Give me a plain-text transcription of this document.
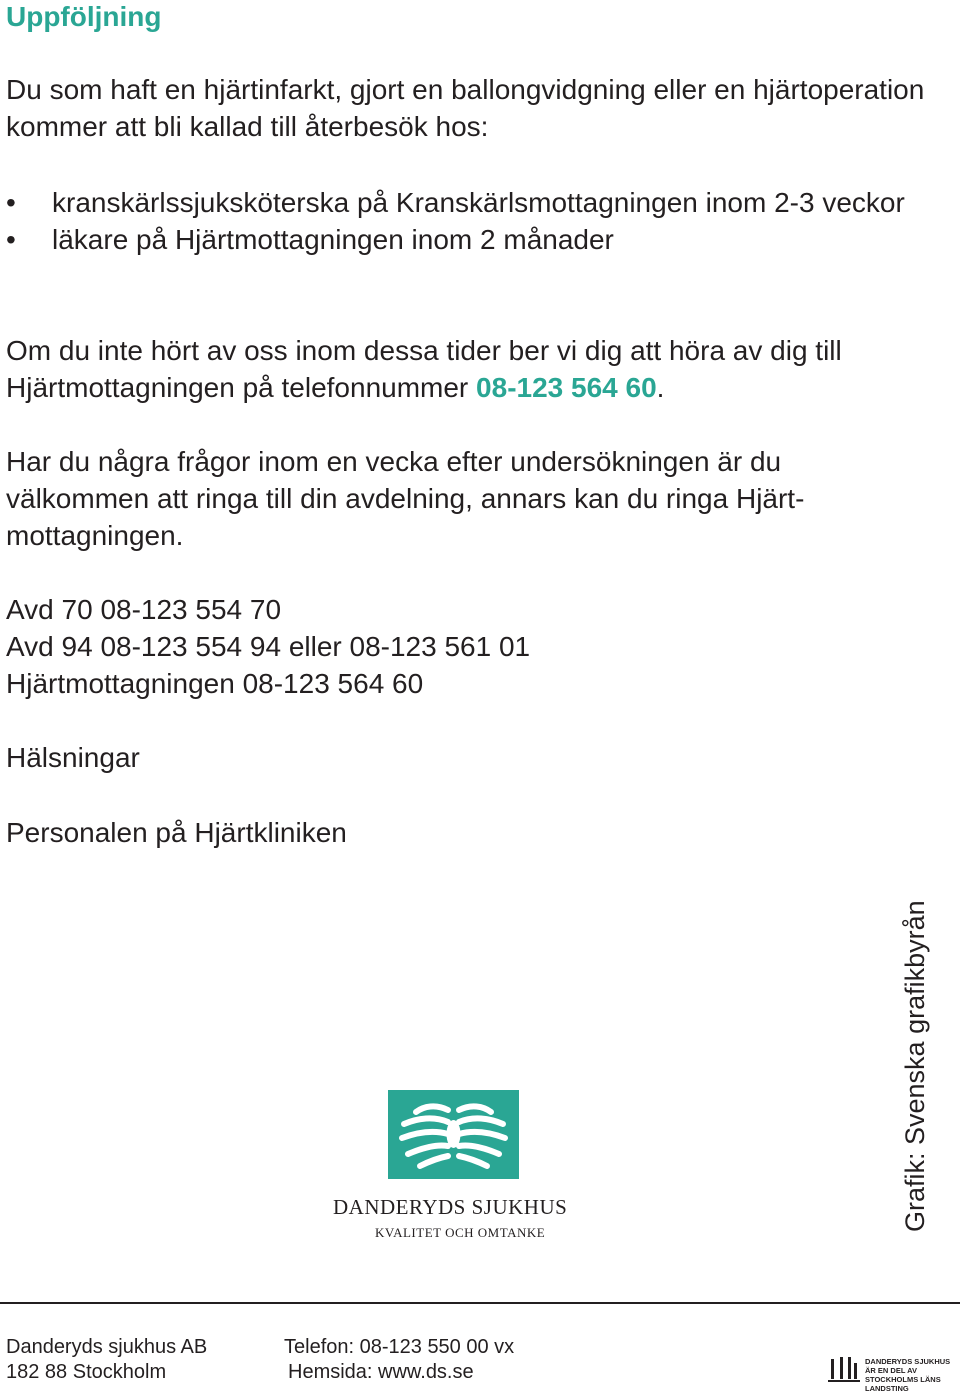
Uppföljning
Du som haft en hjärtinfarkt, gjort en ballongvidgning eller en hjärtoperation kommer att bli kallad till återbesök hos:
• kranskärlssjuksköterska på Kranskärlsmottagningen inom 2-3 veckor
• läkare på Hjärtmottagningen inom 2 månader
Om du inte hört av oss inom dessa tider ber vi dig att höra av dig till Hjärtmottagningen på telefonnummer 08-123 564 60.
Har du några frågor inom en vecka efter undersökningen är du välkommen att ringa till din avdelning, annars kan du ringa Hjärt-mottagningen.
Avd 70 08-123 554 70
Avd 94 08-123 554 94 eller 08-123 561 01
Hjärtmottagningen 08-123 564 60
Hälsningar
Personalen på Hjärtkliniken
DANDERYDS SJUKHUS
KVALITET OCH OMTANKE
Grafik: Svenska grafikbyrån
Danderyds sjukhus AB
182 88 Stockholm
Telefon: 08-123 550 00 vx
Hemsida: www.ds.se	DANDERYDS SJUKHUS ÄR EN DEL AV STOCKHOLMS LÄNS LANDSTING
